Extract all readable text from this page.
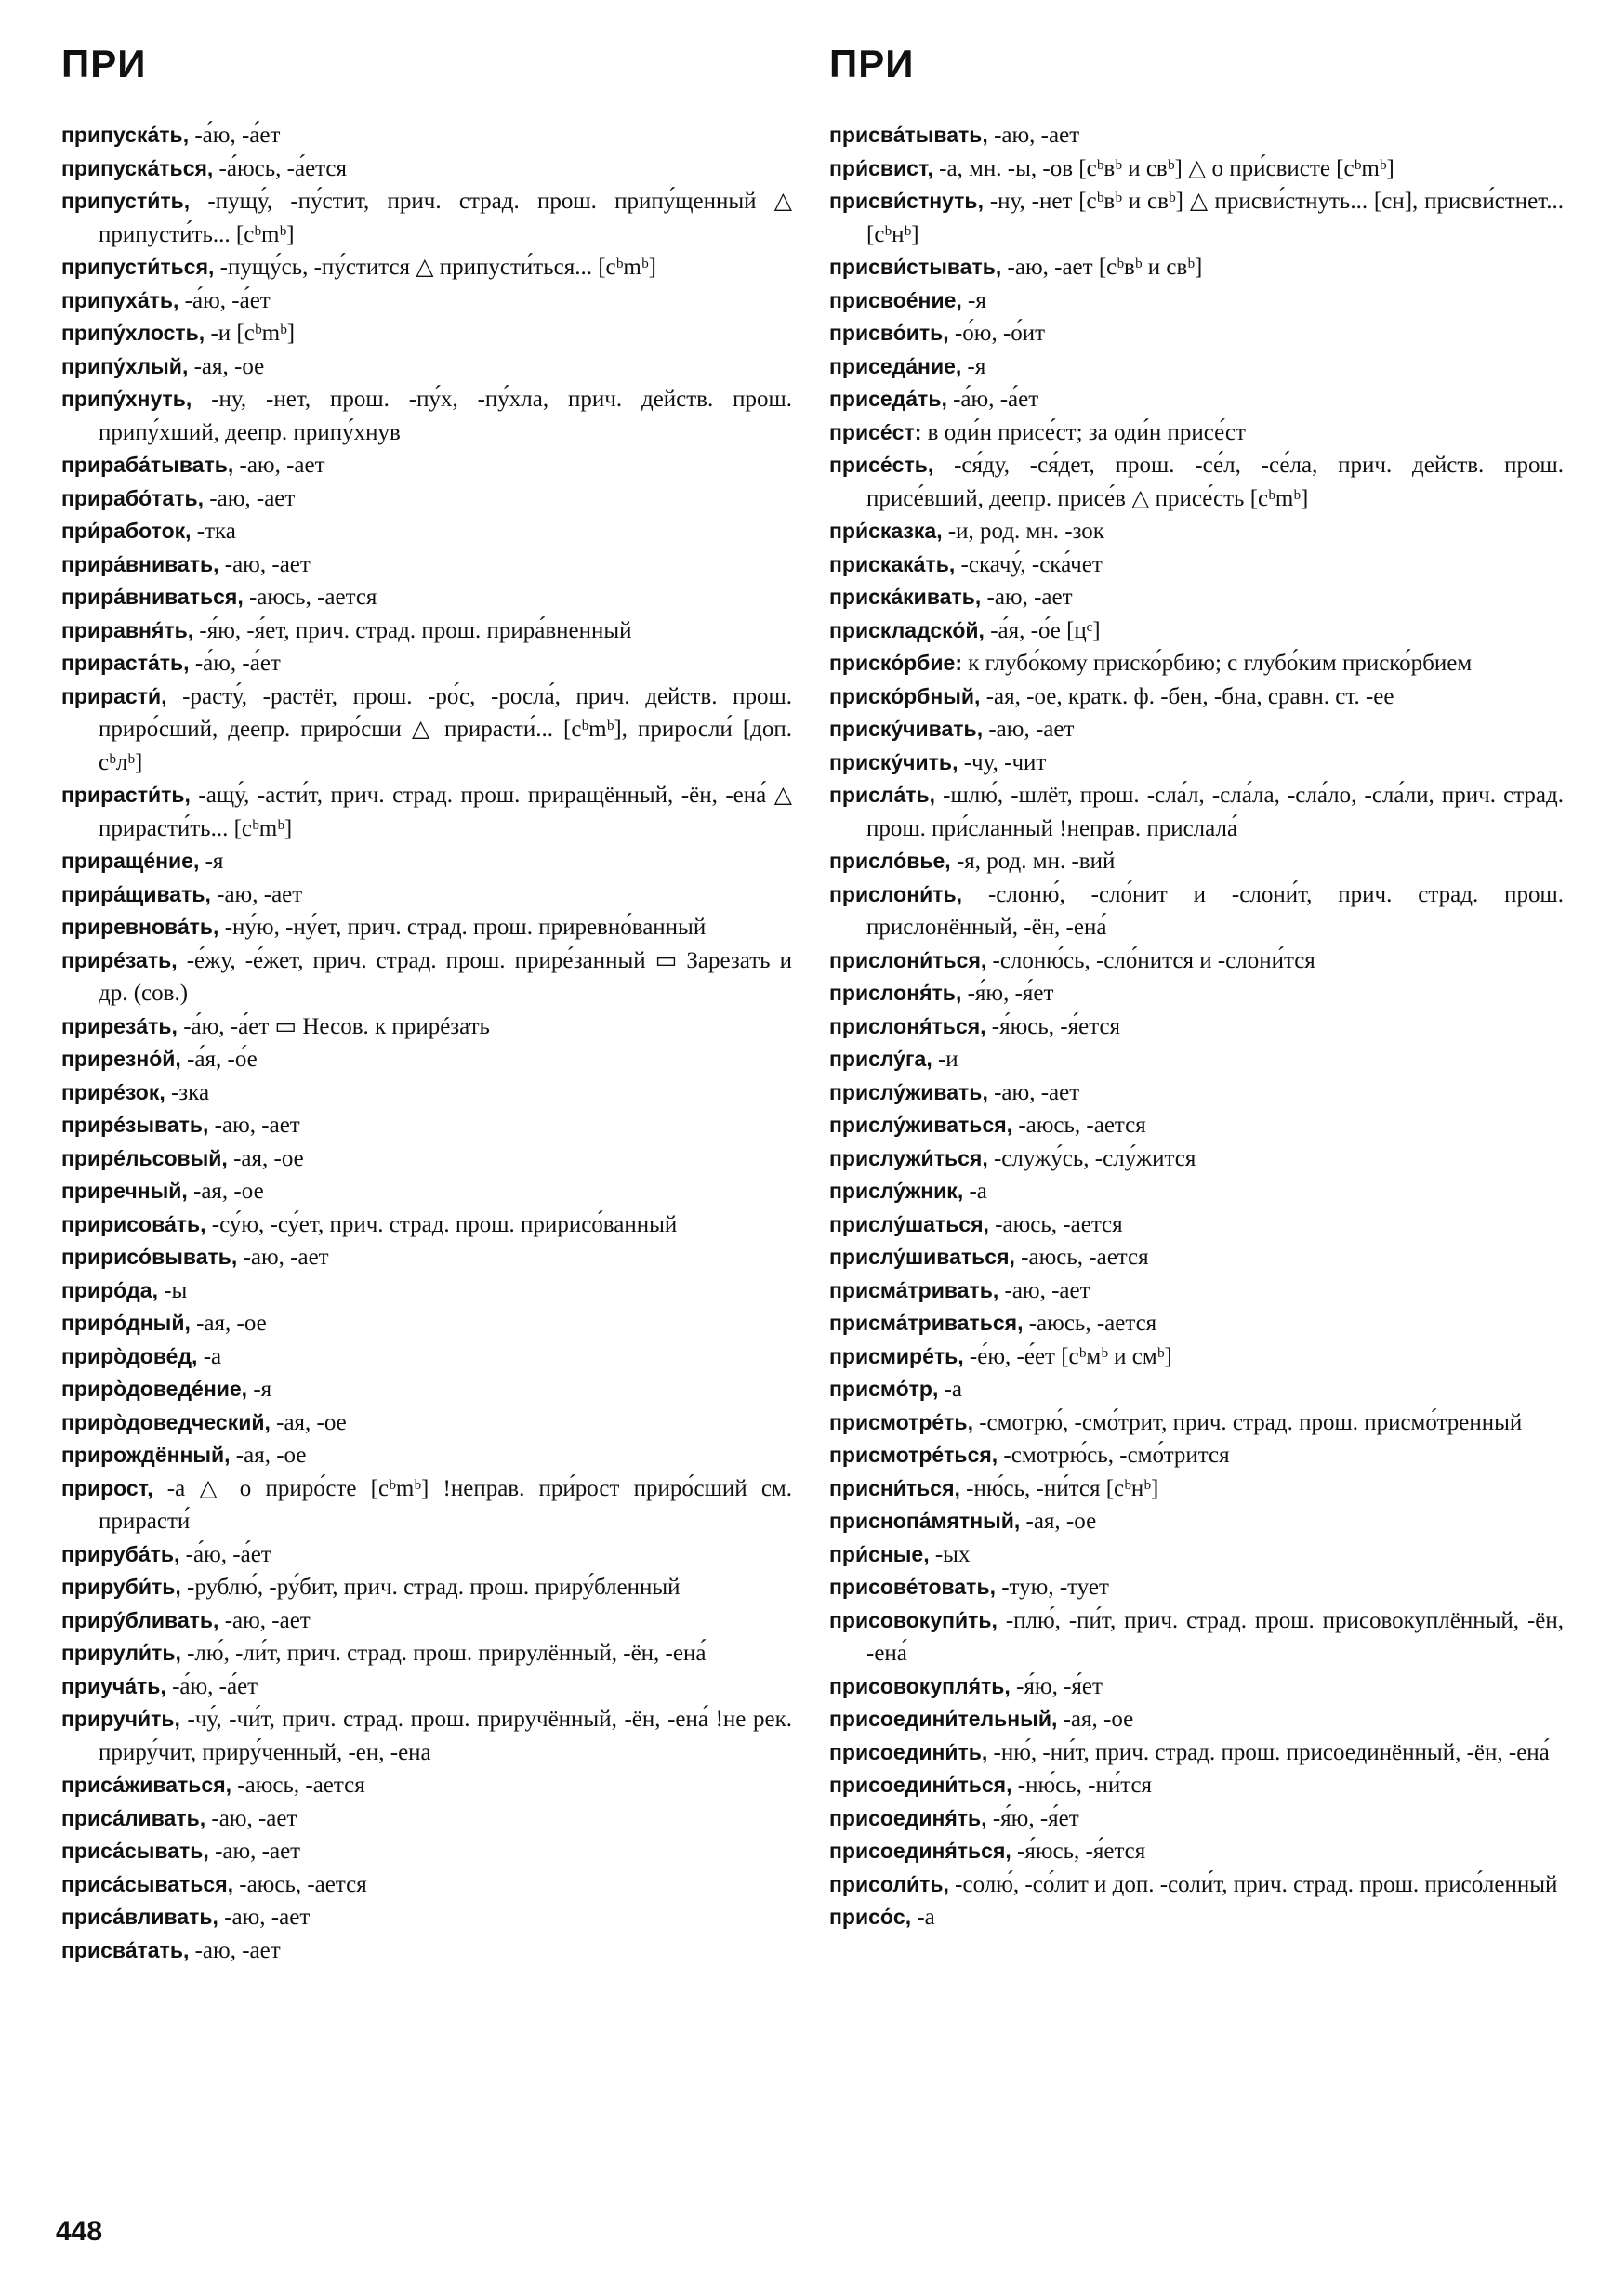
ПРИ
припуска́ть, -а́ю, -а́ет
припуска́ться, -а́юсь, -а́ется
припусти́ть, -пущу́, -пу́стит, прич. страд. прош. припу́щенный △ припусти́ть... [cᵇmᵇ]
припусти́ться, -пущу́сь, -пу́стится △ припусти́ться... [cᵇmᵇ]
припуха́ть, -а́ю, -а́ет
припу́хлость, -и [cᵇmᵇ]
припу́хлый, -ая, -ое
припу́хнуть, -ну, -нет, прош. -пу́х, -пу́хла, прич. действ. прош. припу́хший, деепр. припу́хнув
прираба́тывать, -аю, -ает
прирабо́тать, -аю, -ает
при́работок, -тка
прира́внивать, -аю, -ает
прира́вниваться, -аюсь, -ается
приравня́ть, -я́ю, -я́ет, прич. страд. прош. прира́вненный
прираста́ть, -а́ю, -а́ет
прирасти́, -расту́, -растёт, прош. -ро́с, -росла́, прич. действ. прош. приро́сший, деепр. приро́сши △ прирасти́... [cᵇmᵇ], приросли́ [доп. cᵇлᵇ]
прирасти́ть, -ащу́, -асти́т, прич. страд. прош. приращённый, -ён, -ена́ △ прирасти́ть... [cᵇmᵇ]
приращéние, -я
прира́щивать, -аю, -ает
приревнова́ть, -ну́ю, -ну́ет, прич. страд. прош. приревно́ванный
прирéзать, -е́жу, -е́жет, прич. страд. прош. прире́занный ▭ Зарезать и др. (сов.)
прирезáть, -а́ю, -а́ет ▭ Несов. к прирéзать
прирезно́й, -а́я, -о́е
прирéзок, -зка
прирéзывать, -аю, -ает
прирéльсовый, -ая, -ое
приречный, -ая, -ое
пририсова́ть, -су́ю, -су́ет, прич. страд. прош. пририсо́ванный
пририсо́вывать, -аю, -ает
приро́да, -ы
приро́дный, -ая, -ое
приро̀дове́д, -а
приро̀доведéние, -я
приро̀доведческий, -ая, -ое
прирождённый, -ая, -ое
прирост, -а △ о приро́сте [cᵇmᵇ] !неправ. при́рост приро́сший см. прирасти́
прируба́ть, -а́ю, -а́ет
прируби́ть, -рублю́, -ру́бит, прич. страд. прош. приру́бленный
приру́бливать, -аю, -ает
прирули́ть, -лю́, -ли́т, прич. страд. прош. прирулённый, -ён, -ена́
приуча́ть, -а́ю, -а́ет
приручи́ть, -чу́, -чи́т, прич. страд. прош. приручённый, -ён, -ена́ !не рек. приру́чит, приру́ченный, -ен, -ена
приса́живаться, -аюсь, -ается
приса́ливать, -аю, -ает
приса́сывать, -аю, -ает
приса́сываться, -аюсь, -ается
приса́вливать, -аю, -ает
присва́тать, -аю, -ает
ПРИ
присва́тывать, -аю, -ает
при́свист, -а, мн. -ы, -ов [cᵇвᵇ и cвᵇ] △ о при́свисте [cᵇmᵇ]
присви́стнуть, -ну, -нет [cᵇвᵇ и cвᵇ] △ присви́стнуть... [сн], присви́стнет... [cᵇнᵇ]
присви́стывать, -аю, -ает [cᵇвᵇ и cвᵇ]
присвоéние, -я
присво́ить, -о́ю, -о́ит
приседа́ние, -я
приседа́ть, -а́ю, -а́ет
присéст: в оди́н присе́ст; за оди́н присе́ст
присе́сть, -ся́ду, -ся́дет, прош. -се́л, -се́ла, прич. действ. прош. присе́вший, деепр. присе́в △ присе́сть [cᵇmᵇ]
при́сказка, -и, род. мн. -зок
прискака́ть, -скачу́, -ска́чет
приска́кивать, -аю, -ает
прискладско́й, -а́я, -о́е [цᶜ]
приско́рбие: к глубо́кому приско́рбию; с глубо́ким приско́рбием
приско́рбный, -ая, -ое, кратк. ф. -бен, -бна, сравн. ст. -ее
приску́чивать, -аю, -ает
приску́чить, -чу, -чит
присла́ть, -шлю́, -шлёт, прош. -сла́л, -сла́ла, -сла́ло, -сла́ли, прич. страд. прош. при́сланный !неправ. прислала́
присло́вье, -я, род. мн. -вий
прислони́ть, -слоню́, -сло́нит и -слони́т, прич. страд. прош. прислонённый, -ён, -ена́
прислони́ться, -слоню́сь, -сло́нится и -слони́тся
прислоня́ть, -я́ю, -я́ет
прислоня́ться, -я́юсь, -я́ется
прислу́га, -и
прислу́живать, -аю, -ает
прислу́живаться, -аюсь, -ается
прислужи́ться, -служу́сь, -слу́жится
прислу́жник, -а
прислу́шаться, -аюсь, -ается
прислу́шиваться, -аюсь, -ается
присма́тривать, -аю, -ает
присма́триваться, -аюсь, -ается
присмире́ть, -е́ю, -е́ет [cᵇмᵇ и cмᵇ]
присмо́тр, -а
присмотре́ть, -смотрю́, -смо́трит, прич. страд. прош. присмо́тренный
присмотре́ться, -смотрю́сь, -смо́трится
присни́ться, -ню́сь, -ни́тся [cᵇнᵇ]
приснопа́мятный, -ая, -ое
при́сные, -ых
присове́товать, -тую, -тует
присовокупи́ть, -плю́, -пи́т, прич. страд. прош. присовокуплённый, -ён, -ена́
присовокупля́ть, -я́ю, -я́ет
присоедини́тельный, -ая, -ое
присоедини́ть, -ню́, -ни́т, прич. страд. прош. присоединённый, -ён, -ена́
присоедини́ться, -ню́сь, -ни́тся
присоединя́ть, -я́ю, -я́ет
присоединя́ться, -я́юсь, -я́ется
присоли́ть, -солю́, -со́лит и доп. -соли́т, прич. страд. прош. присо́ленный
присо́с, -а
448
